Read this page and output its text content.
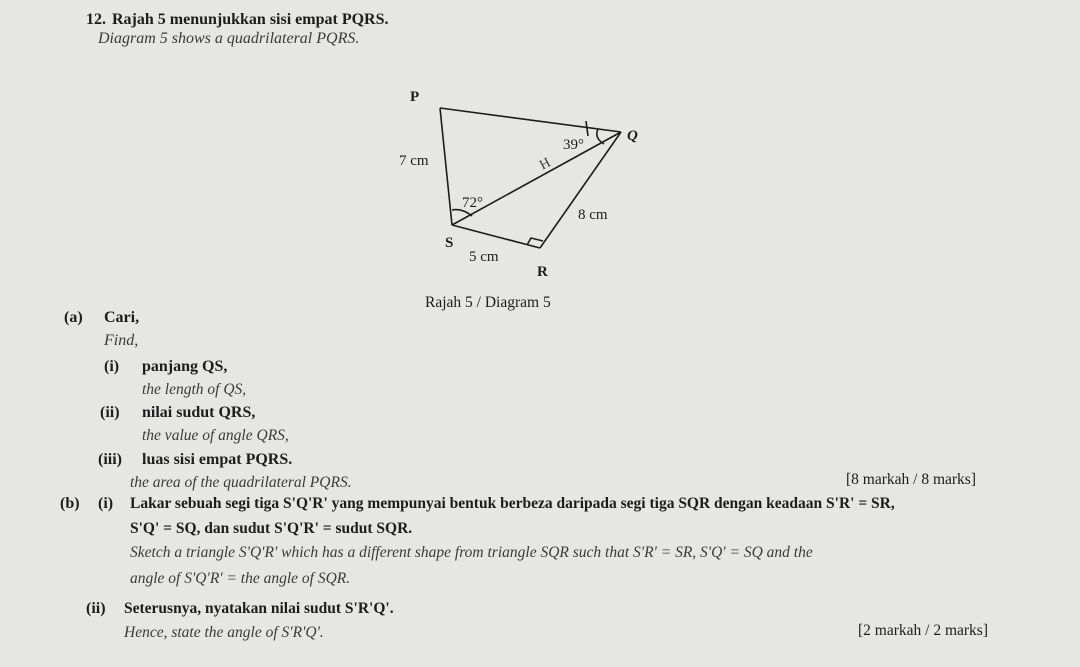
12. Rajah 5 menunjukkan sisi empat PQRS.
Diagram 5 shows a quadrilateral PQRS.
P
Q
R
S
7 cm
8 cm
5 cm
39°
72°
H
Rajah 5 / Diagram 5
(a) Cari,
Find,
(i) panjang QS,
the length of QS,
(ii) nilai sudut QRS,
the value of angle QRS,
(iii) luas sisi empat PQRS.
the area of the quadrilateral PQRS.	[8 markah / 8 marks]
(b) (i) Lakar sebuah segi tiga S'Q'R' yang mempunyai bentuk berbeza daripada segi tiga SQR dengan keadaan S'R' = SR,
S'Q' = SQ, dan sudut S'Q'R' = sudut SQR.
Sketch a triangle S'Q'R' which has a different shape from triangle SQR such that S'R' = SR, S'Q' = SQ and the
angle of S'Q'R' = the angle of SQR.
(ii) Seterusnya, nyatakan nilai sudut S'R'Q'.
Hence, state the angle of S'R'Q'.	[2 markah / 2 marks]
